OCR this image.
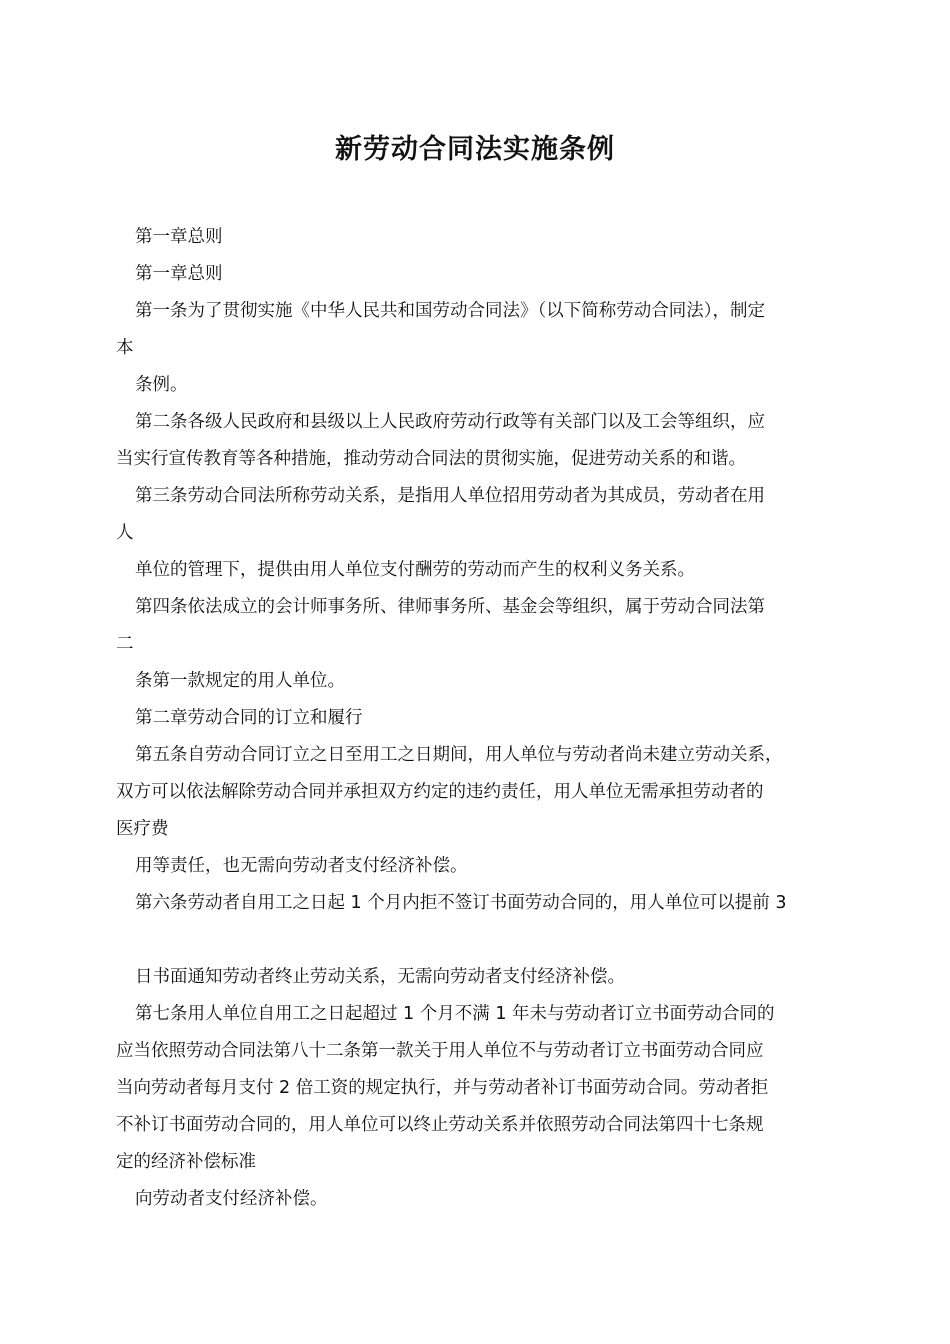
新劳动合同法实施条例
第一章总则
第一章总则
第一条为了贯彻实施《中华人民共和国劳动合同法》（以下简称劳动合同法），制定
本
条例。
第二条各级人民政府和县级以上人民政府劳动行政等有关部门以及工会等组织，应
当实行宣传教育等各种措施，推动劳动合同法的贯彻实施，促进劳动关系的和谐。
第三条劳动合同法所称劳动关系，是指用人单位招用劳动者为其成员，劳动者在用
人
单位的管理下，提供由用人单位支付酬劳的劳动而产生的权利义务关系。
第四条依法成立的会计师事务所、律师事务所、基金会等组织，属于劳动合同法第
二
条第一款规定的用人单位。
第二章劳动合同的订立和履行
第五条自劳动合同订立之日至用工之日期间，用人单位与劳动者尚未建立劳动关系，
双方可以依法解除劳动合同并承担双方约定的违约责任，用人单位无需承担劳动者的
医疗费
用等责任，也无需向劳动者支付经济补偿。
第六条劳动者自用工之日起 1 个月内拒不签订书面劳动合同的，用人单位可以提前 3
日书面通知劳动者终止劳动关系，无需向劳动者支付经济补偿。
第七条用人单位自用工之日起超过 1 个月不满 1 年未与劳动者订立书面劳动合同的
应当依照劳动合同法第八十二条第一款关于用人单位不与劳动者订立书面劳动合同应
当向劳动者每月支付 2 倍工资的规定执行，并与劳动者补订书面劳动合同。劳动者拒
不补订书面劳动合同的，用人单位可以终止劳动关系并依照劳动合同法第四十七条规
定的经济补偿标准
向劳动者支付经济补偿。
